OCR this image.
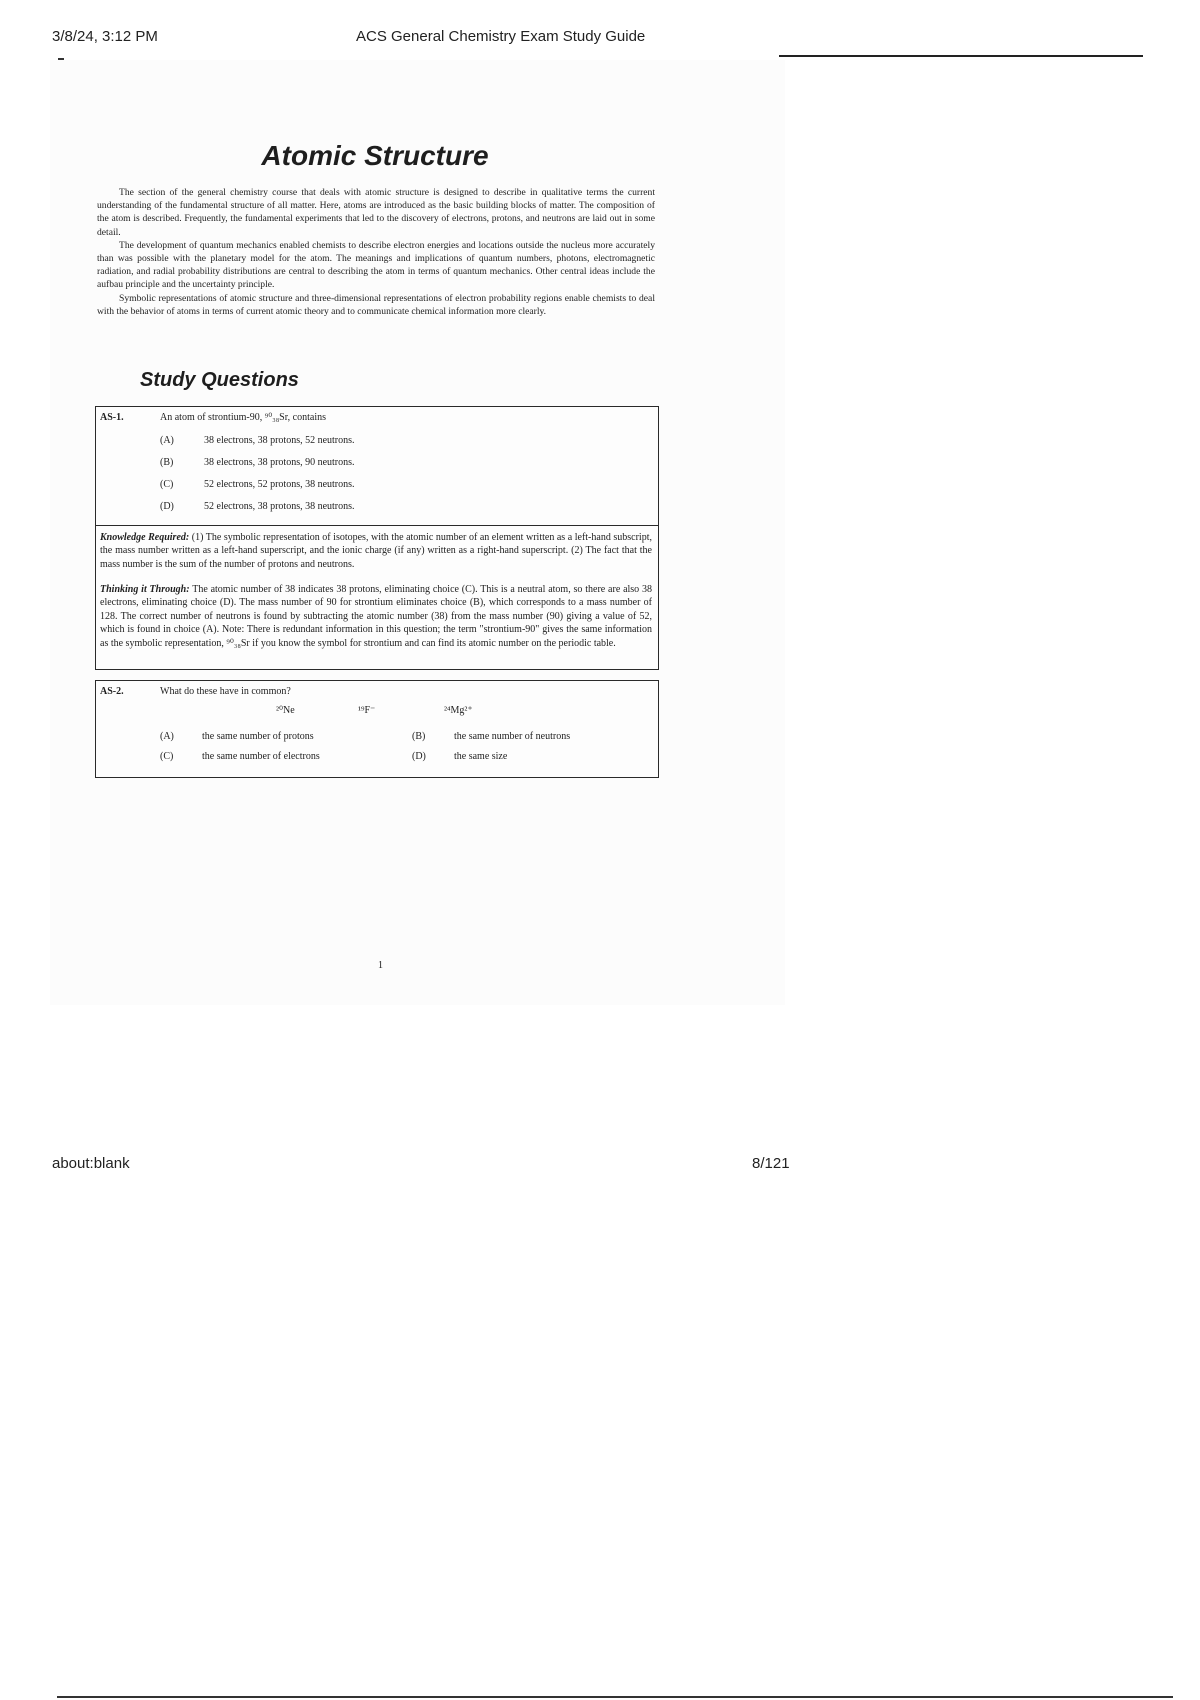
3/8/24, 3:12 PM	ACS General Chemistry Exam Study Guide
Atomic Structure

The section of the general chemistry course that deals with atomic structure is designed to describe in qualitative terms the current understanding of the fundamental structure of all matter. Here, atoms are introduced as the basic building blocks of matter. The composition of the atom is described. Frequently, the fundamental experiments that led to the discovery of electrons, protons, and neutrons are laid out in some detail.

The development of quantum mechanics enabled chemists to describe electron energies and locations outside the nucleus more accurately than was possible with the planetary model for the atom. The meanings and implications of quantum numbers, photons, electromagnetic radiation, and radial probability distributions are central to describing the atom in terms of quantum mechanics. Other central ideas include the aufbau principle and the uncertainty principle.

Symbolic representations of atomic structure and three-dimensional representations of electron probability regions enable chemists to deal with the behavior of atoms in terms of current atomic theory and to communicate chemical information more clearly.

Study Questions
AS-1.	An atom of strontium-90, ⁹⁰₃₈Sr, contains
(A)	38 electrons, 38 protons, 52 neutrons.
(B)	38 electrons, 38 protons, 90 neutrons.
(C)	52 electrons, 52 protons, 38 neutrons.
(D)	52 electrons, 38 protons, 38 neutrons.
Knowledge Required: (1) The symbolic representation of isotopes, with the atomic number of an element written as a left-hand subscript, the mass number written as a left-hand superscript, and the ionic charge (if any) written as a right-hand superscript. (2) The fact that the mass number is the sum of the number of protons and neutrons.
Thinking it Through: The atomic number of 38 indicates 38 protons, eliminating choice (C). This is a neutral atom, so there are also 38 electrons, eliminating choice (D). The mass number of 90 for strontium eliminates choice (B), which corresponds to a mass number of 128. The correct number of neutrons is found by subtracting the atomic number (38) from the mass number (90) giving a value of 52, which is found in choice (A). Note: There is redundant information in this question; the term "strontium-90" gives the same information as the symbolic representation, ⁹⁰₃₈Sr if you know the symbol for strontium and can find its atomic number on the periodic table.
AS-2.	What do these have in common?
²⁰Ne	¹⁹F⁻	²⁴Mg²⁺
(A)	the same number of protons	(B)	the same number of neutrons
(C)	the same number of electrons	(D)	the same size
1
about:blank	8/121
